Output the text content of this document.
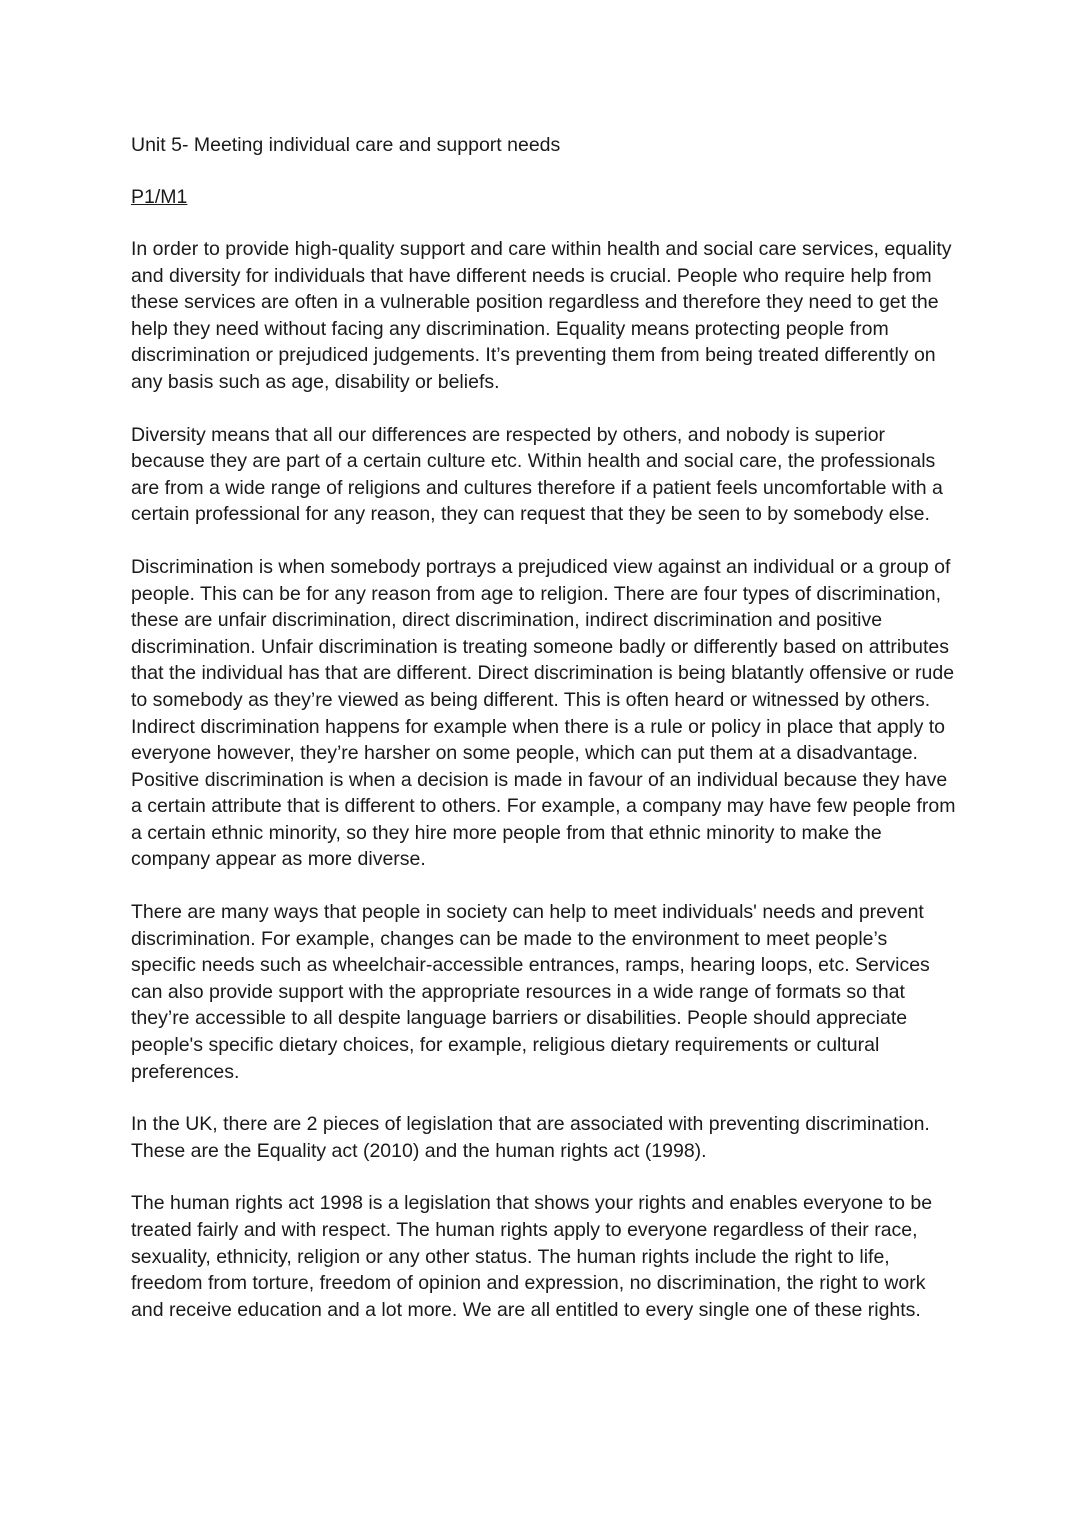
Unit 5- Meeting individual care and support needs
P1/M1

In order to provide high-quality support and care within health and social care services, equality and diversity for individuals that have different needs is crucial. People who require help from these services are often in a vulnerable position regardless and therefore they need to get the help they need without facing any discrimination. Equality means protecting people from discrimination or prejudiced judgements. It’s preventing them from being treated differently on any basis such as age, disability or beliefs.

Diversity means that all our differences are respected by others, and nobody is superior because they are part of a certain culture etc. Within health and social care, the professionals are from a wide range of religions and cultures therefore if a patient feels uncomfortable with a certain professional for any reason, they can request that they be seen to by somebody else.

Discrimination is when somebody portrays a prejudiced view against an individual or a group of people. This can be for any reason from age to religion. There are four types of discrimination, these are unfair discrimination, direct discrimination, indirect discrimination and positive discrimination. Unfair discrimination is treating someone badly or differently based on attributes that the individual has that are different. Direct discrimination is being blatantly offensive or rude to somebody as they’re viewed as being different. This is often heard or witnessed by others. Indirect discrimination happens for example when there is a rule or policy in place that apply to everyone however, they’re harsher on some people, which can put them at a disadvantage. Positive discrimination is when a decision is made in favour of an individual because they have a certain attribute that is different to others. For example, a company may have few people from a certain ethnic minority, so they hire more people from that ethnic minority to make the company appear as more diverse.

There are many ways that people in society can help to meet individuals' needs and prevent discrimination. For example, changes can be made to the environment to meet people’s specific needs such as wheelchair-accessible entrances, ramps, hearing loops, etc. Services can also provide support with the appropriate resources in a wide range of formats so that they’re accessible to all despite language barriers or disabilities. People should appreciate people's specific dietary choices, for example, religious dietary requirements or cultural preferences.

In the UK, there are 2 pieces of legislation that are associated with preventing discrimination. These are the Equality act (2010) and the human rights act (1998).

The human rights act 1998 is a legislation that shows your rights and enables everyone to be treated fairly and with respect. The human rights apply to everyone regardless of their race, sexuality, ethnicity, religion or any other status. The human rights include the right to life, freedom from torture, freedom of opinion and expression, no discrimination, the right to work and receive education and a lot more. We are all entitled to every single one of these rights.
